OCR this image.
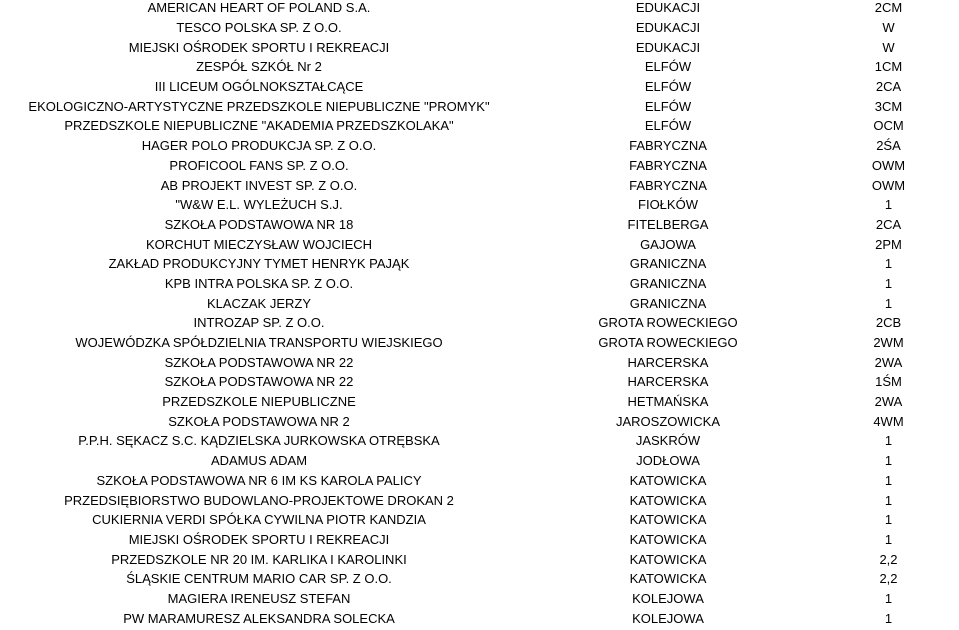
AMERICAN HEART OF POLAND S.A.	EDUKACJI	2CM
TESCO POLSKA SP. Z O.O.	EDUKACJI	W
MIEJSKI OŚRODEK SPORTU I REKREACJI	EDUKACJI	W
ZESPÓŁ SZKÓŁ Nr 2	ELFÓW	1CM
III LICEUM OGÓLNOKSZTAŁCĄCE	ELFÓW	2CA
EKOLOGICZNO-ARTYSTYCZNE PRZEDSZKOLE NIEPUBLICZNE "PROMYK"	ELFÓW	3CM
PRZEDSZKOLE NIEPUBLICZNE "AKADEMIA PRZEDSZKOLAKA"	ELFÓW	OCM
HAGER POLO PRODUKCJA SP. Z O.O.	FABRYCZNA	2ŚA
PROFICOOL FANS SP. Z O.O.	FABRYCZNA	OWM
AB PROJEKT INVEST SP. Z O.O.	FABRYCZNA	OWM
"W&W E.L. WYLEŻUCH S.J.	FIOŁKÓW	1
SZKOŁA PODSTAWOWA NR 18	FITELBERGA	2CA
KORCHUT MIECZYSŁAW WOJCIECH	GAJOWA	2PM
ZAKŁAD PRODUKCYJNY TYMET HENRYK PAJĄK	GRANICZNA	1
KPB INTRA POLSKA SP. Z O.O.	GRANICZNA	1
KLACZAK JERZY	GRANICZNA	1
INTROZAP SP. Z O.O.	GROTA ROWECKIEGO	2CB
WOJEWÓDZKA SPÓŁDZIELNIA TRANSPORTU WIEJSKIEGO	GROTA ROWECKIEGO	2WM
SZKOŁA PODSTAWOWA NR 22	HARCERSKA	2WA
SZKOŁA PODSTAWOWA NR 22	HARCERSKA	1ŚM
PRZEDSZKOLE NIEPUBLICZNE	HETMAŃSKA	2WA
SZKOŁA PODSTAWOWA NR 2	JAROSZOWICKA	4WM
P.P.H. SĘKACZ S.C. KĄDZIELSKA JURKOWSKA OTRĘBSKA	JASKRÓW	1
ADAMUS ADAM	JODŁOWA	1
SZKOŁA PODSTAWOWA NR 6 IM KS KAROLA PALICY	KATOWICKA	1
PRZEDSIĘBIORSTWO BUDOWLANO-PROJEKTOWE DROKAN 2	KATOWICKA	1
CUKIERNIA VERDI SPÓŁKA CYWILNA PIOTR KANDZIA	KATOWICKA	1
MIEJSKI OŚRODEK SPORTU I REKREACJI	KATOWICKA	1
PRZEDSZKOLE NR 20 IM. KARLIKA I KAROLINKI	KATOWICKA	2,2
ŚLĄSKIE CENTRUM MARIO CAR SP. Z O.O.	KATOWICKA	2,2
MAGIERA IRENEUSZ STEFAN	KOLEJOWA	1
PW MARAMURESZ ALEKSANDRA SOLECKA	KOLEJOWA	1
